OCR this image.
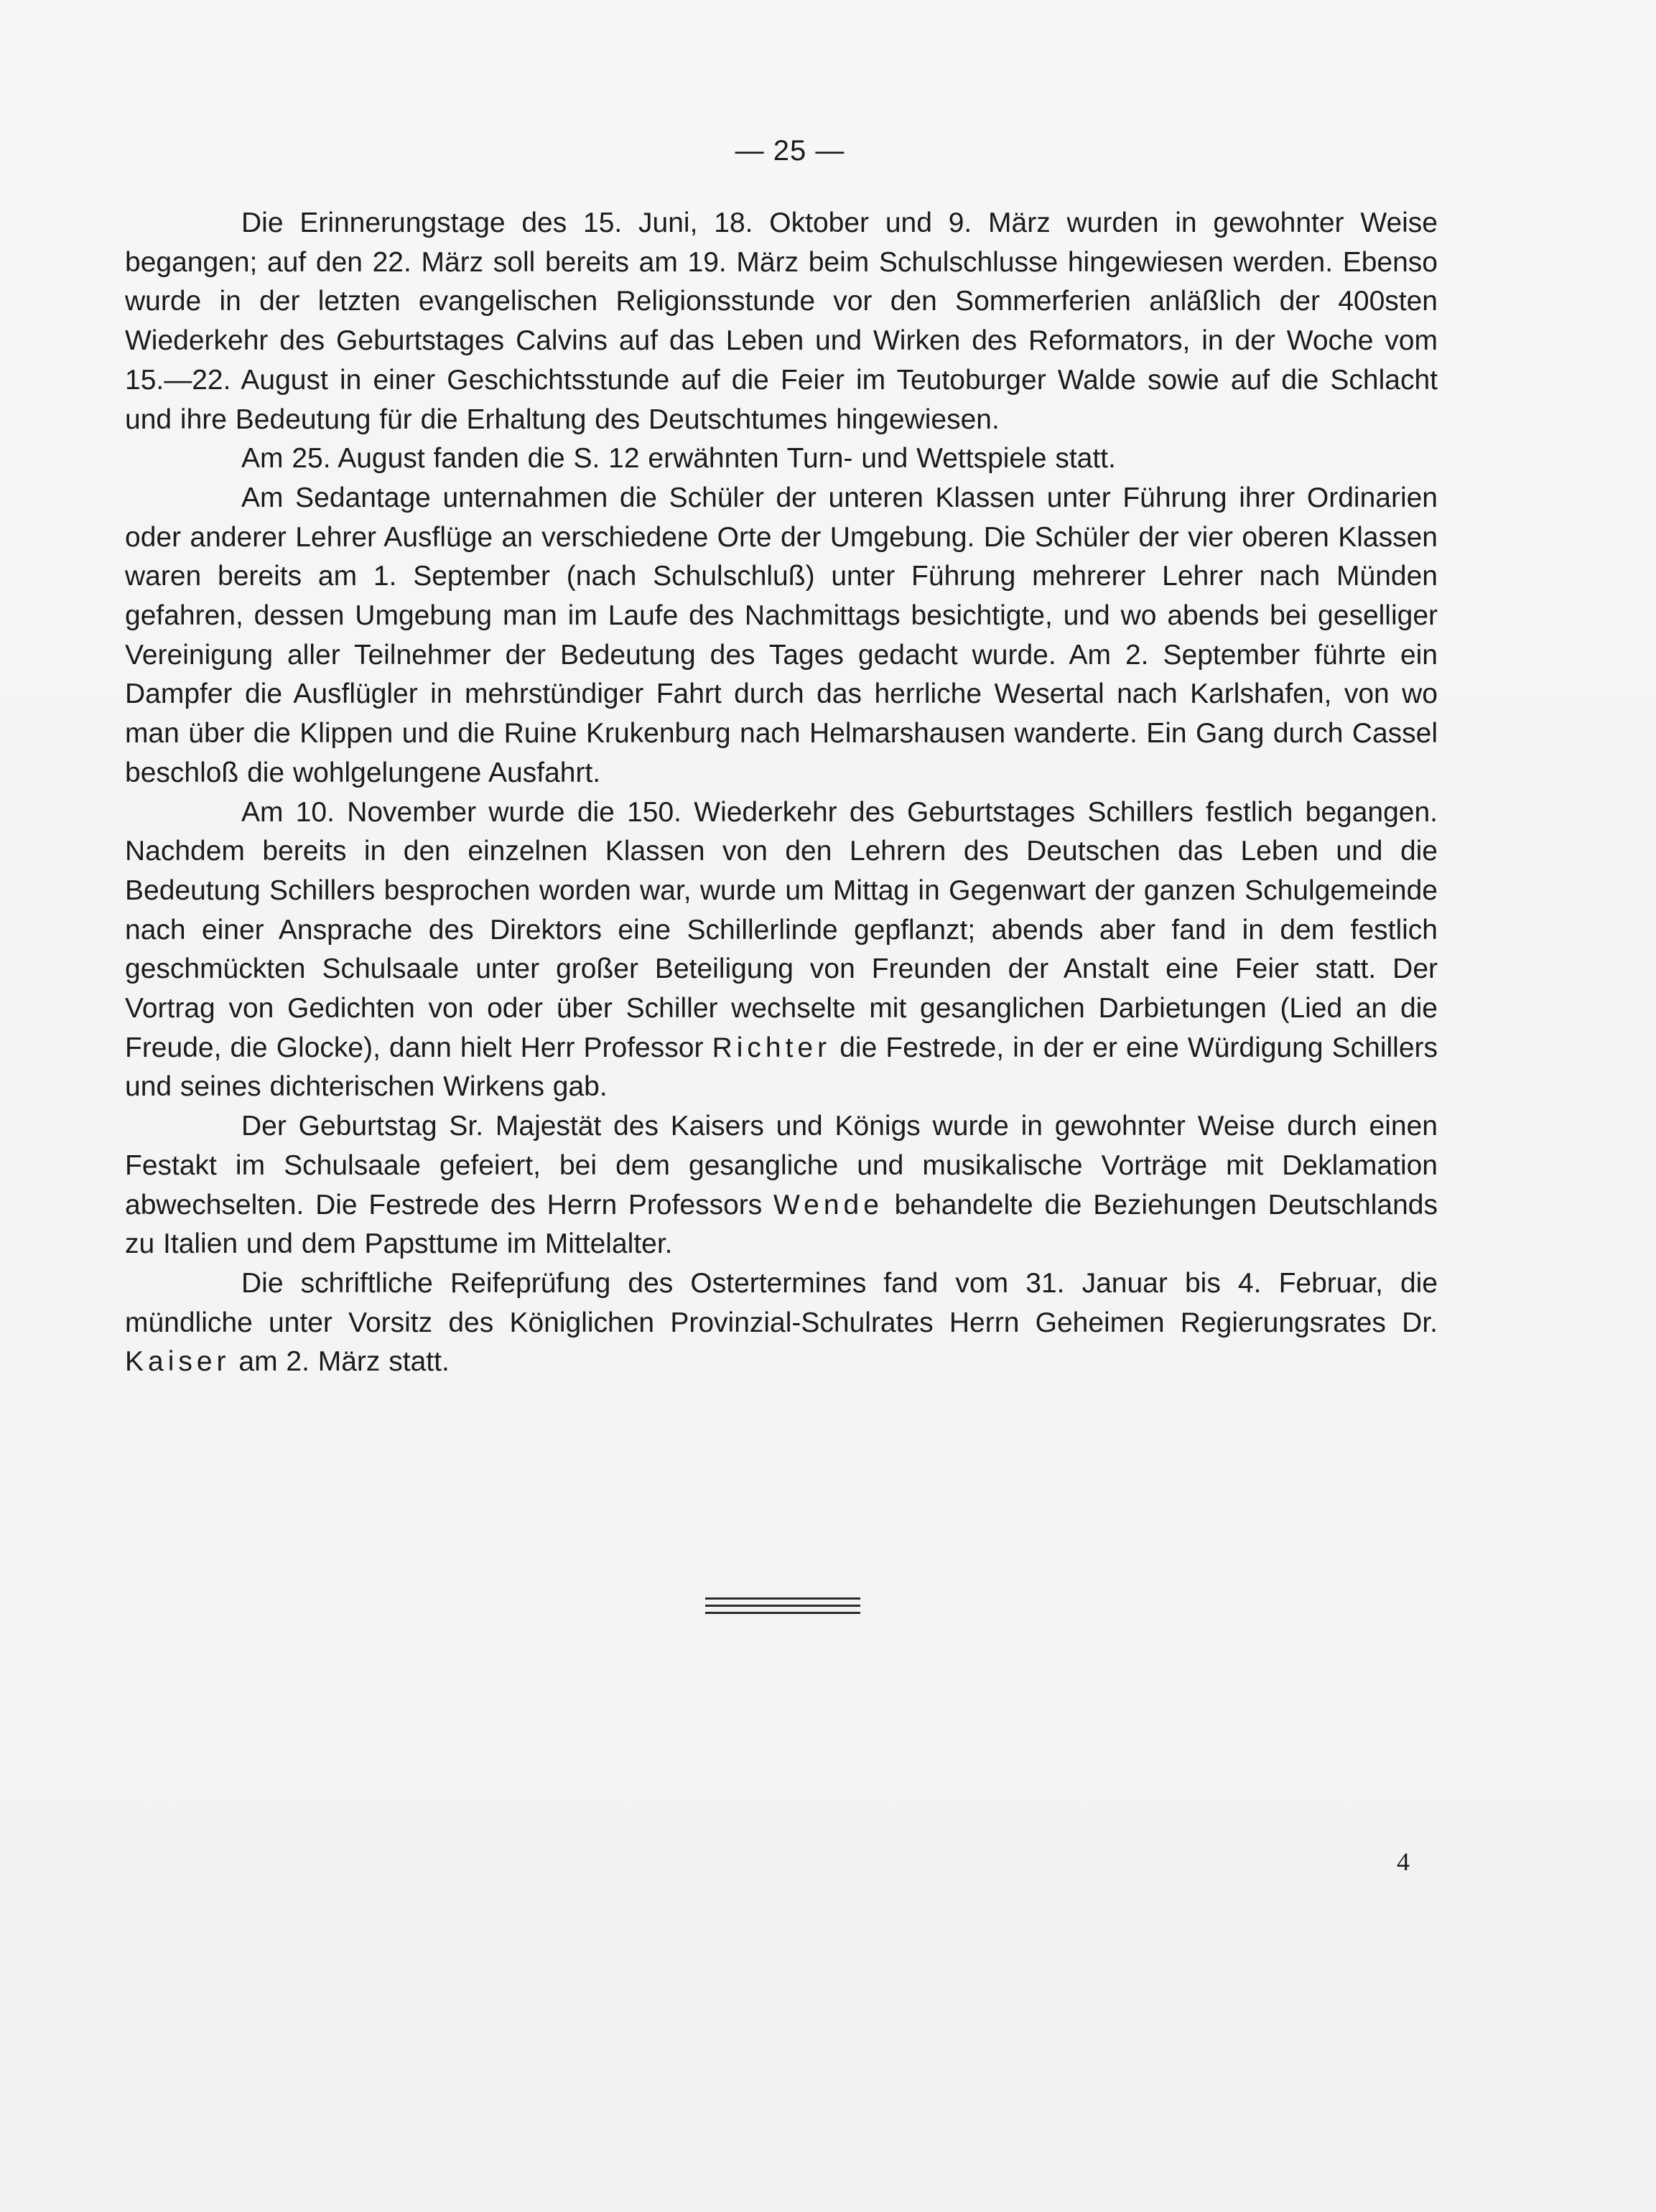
— 25 —

Die Erinnerungstage des 15. Juni, 18. Oktober und 9. März wurden in gewohnter Weise begangen; auf den 22. März soll bereits am 19. März beim Schulschlusse hingewiesen werden. Ebenso wurde in der letzten evangelischen Religionsstunde vor den Sommerferien anläßlich der 400sten Wiederkehr des Geburtstages Calvins auf das Leben und Wirken des Reformators, in der Woche vom 15.—22. August in einer Geschichtsstunde auf die Feier im Teutoburger Walde sowie auf die Schlacht und ihre Bedeutung für die Erhaltung des Deutschtumes hingewiesen.

Am 25. August fanden die S. 12 erwähnten Turn- und Wettspiele statt.

Am Sedantage unternahmen die Schüler der unteren Klassen unter Führung ihrer Ordinarien oder anderer Lehrer Ausflüge an verschiedene Orte der Umgebung. Die Schüler der vier oberen Klassen waren bereits am 1. September (nach Schulschluß) unter Führung mehrerer Lehrer nach Münden gefahren, dessen Umgebung man im Laufe des Nachmittags besichtigte, und wo abends bei geselliger Vereinigung aller Teilnehmer der Bedeutung des Tages gedacht wurde. Am 2. September führte ein Dampfer die Ausflügler in mehrstündiger Fahrt durch das herrliche Wesertal nach Karlshafen, von wo man über die Klippen und die Ruine Krukenburg nach Helmarshausen wanderte. Ein Gang durch Cassel beschloß die wohlgelungene Ausfahrt.

Am 10. November wurde die 150. Wiederkehr des Geburtstages Schillers festlich begangen. Nachdem bereits in den einzelnen Klassen von den Lehrern des Deutschen das Leben und die Bedeutung Schillers besprochen worden war, wurde um Mittag in Gegenwart der ganzen Schulgemeinde nach einer Ansprache des Direktors eine Schillerlinde gepflanzt; abends aber fand in dem festlich geschmückten Schulsaale unter großer Beteiligung von Freunden der Anstalt eine Feier statt. Der Vortrag von Gedichten von oder über Schiller wechselte mit gesanglichen Darbietungen (Lied an die Freude, die Glocke), dann hielt Herr Professor Richter die Festrede, in der er eine Würdigung Schillers und seines dichterischen Wirkens gab.

Der Geburtstag Sr. Majestät des Kaisers und Königs wurde in gewohnter Weise durch einen Festakt im Schulsaale gefeiert, bei dem gesangliche und musikalische Vorträge mit Deklamation abwechselten. Die Festrede des Herrn Professors Wende behandelte die Beziehungen Deutschlands zu Italien und dem Papsttume im Mittelalter.

Die schriftliche Reifeprüfung des Ostertermines fand vom 31. Januar bis 4. Februar, die mündliche unter Vorsitz des Königlichen Provinzial-Schulrates Herrn Geheimen Regierungsrates Dr. Kaiser am 2. März statt.

4
